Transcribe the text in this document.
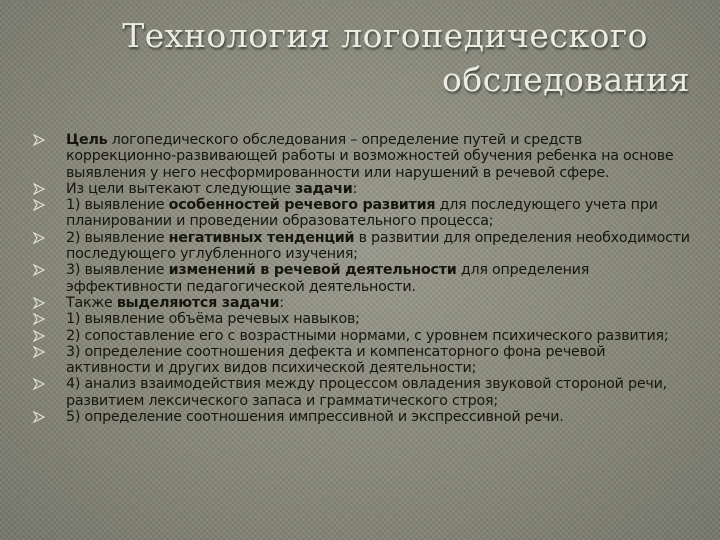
Технология логопедического
обследования
Цель логопедического обследования – определение путей и средств коррекционно-развивающей работы и возможностей обучения ребенка на основе выявления у него несформированности или нарушений в речевой сфере.
Из цели вытекают следующие задачи:
1) выявление особенностей речевого развития для последующего учета при планировании и проведении образовательного процесса;
2) выявление негативных тенденций в развитии для определения необходимости последующего углубленного изучения;
3) выявление изменений в речевой деятельности для определения эффективности педагогической деятельности.
Также выделяются задачи:
1) выявление объёма речевых навыков;
2) сопоставление его с возрастными нормами, с уровнем психического развития;
3) определение соотношения дефекта и компенсаторного фона речевой активности и других видов психической деятельности;
4) анализ взаимодействия между процессом овладения звуковой стороной речи, развитием лексического запаса и грамматического строя;
5) определение соотношения импрессивной и экспрессивной речи.
